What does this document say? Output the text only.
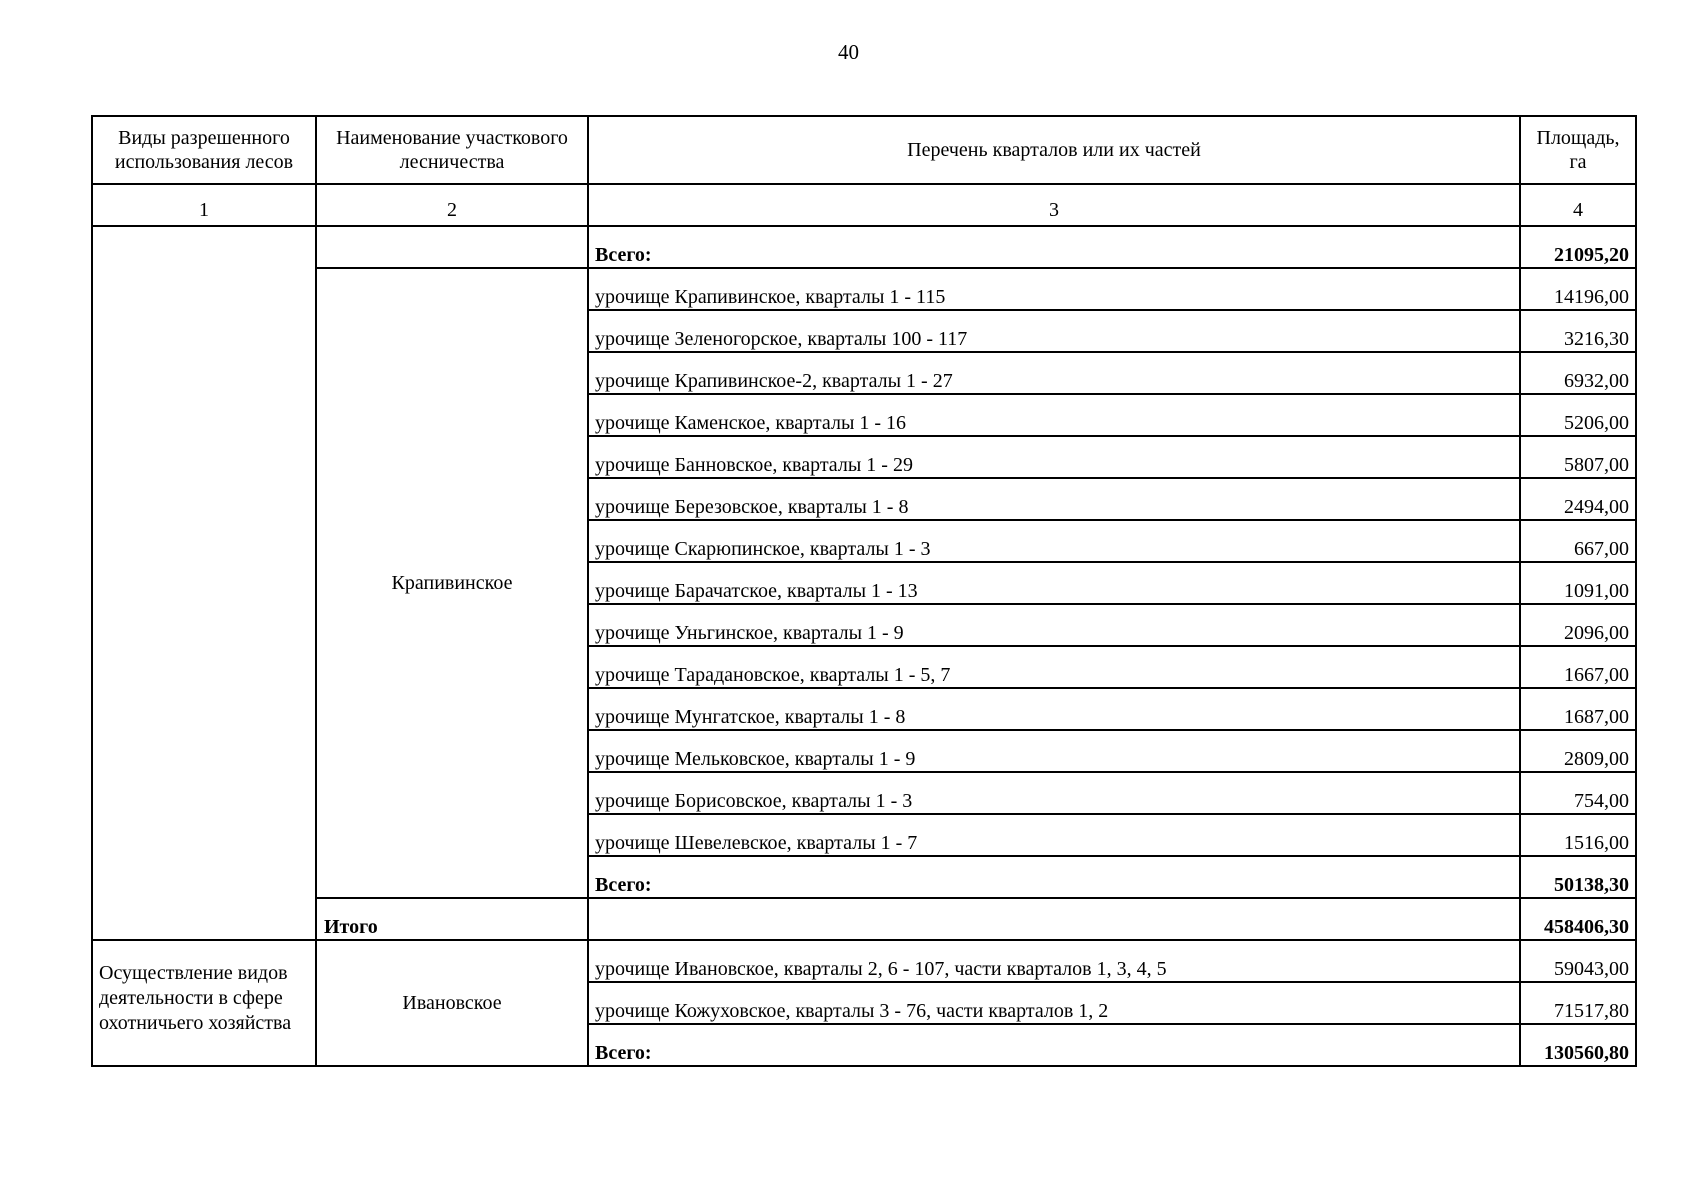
40
Виды разрешенного использования лесов	Наименование участкового лесничества	Перечень кварталов или их частей	Площадь, га
1	2	3	4
		Всего:	21095,20
	Крапивинское	урочище Крапивинское, кварталы 1 - 115	14196,00
		урочище Зеленогорское, кварталы 100 - 117	3216,30
		урочище Крапивинское-2, кварталы 1 - 27	6932,00
		урочище Каменское, кварталы 1 - 16	5206,00
		урочище Банновское, кварталы 1 - 29	5807,00
		урочище Березовское, кварталы 1 - 8	2494,00
		урочище Скарюпинское, кварталы 1 - 3	667,00
		урочище Барачатское, кварталы 1 - 13	1091,00
		урочище Уньгинское, кварталы 1 - 9	2096,00
		урочище Тараданoвское, кварталы 1 - 5, 7	1667,00
		урочище Мунгатское, кварталы 1 - 8	1687,00
		урочище Мельковское, кварталы 1 - 9	2809,00
		урочище Борисовское, кварталы 1 - 3	754,00
		урочище Шевелевское, кварталы 1 - 7	1516,00
		Всего:	50138,30
	Итого		458406,30
Осуществление видов деятельности в сфере охотничьего хозяйства	Ивановское	урочище Ивановское, кварталы 2, 6 - 107, части кварталов 1, 3, 4, 5	59043,00
		урочище Кожуховское, кварталы 3 - 76, части кварталов 1, 2	71517,80
		Всего:	130560,80
